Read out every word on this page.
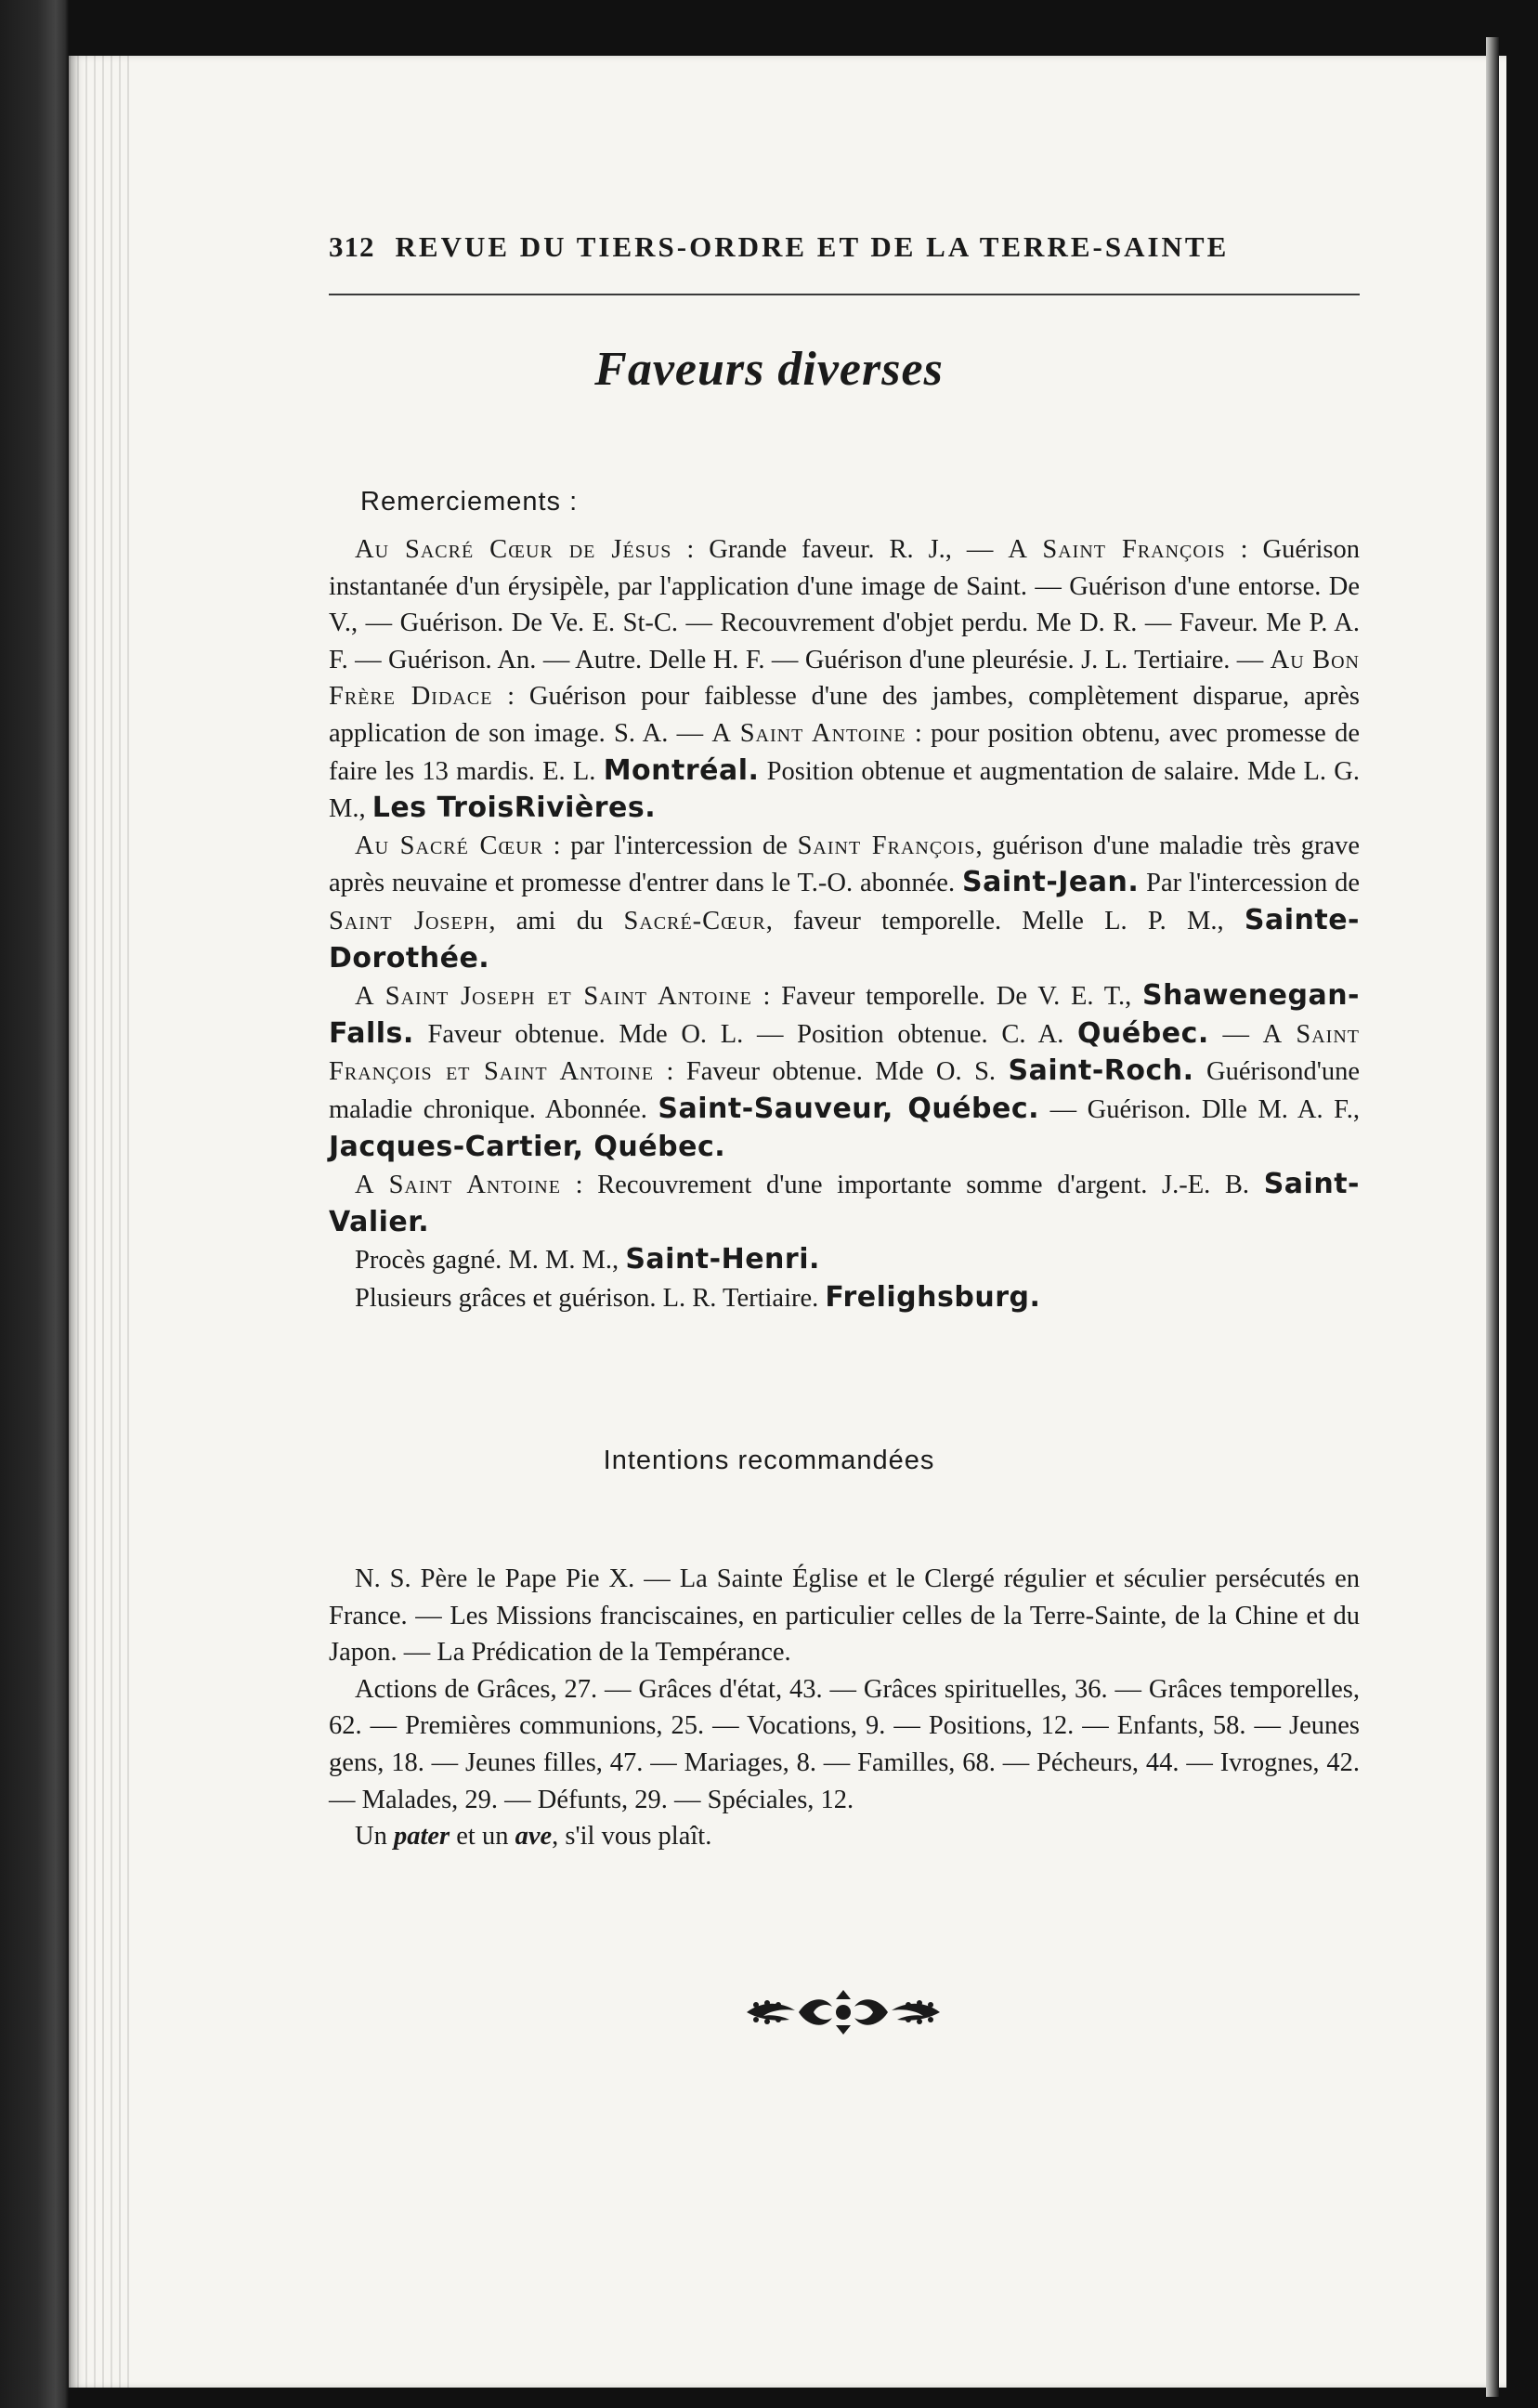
312 REVUE DU TIERS-ORDRE ET DE LA TERRE-SAINTE
Faveurs diverses
Remerciements :

Au Sacré Cœur de Jésus : Grande faveur. R. J., — A Saint François : Guérison instantanée d'un érysipèle, par l'application d'une image de Saint. — Guérison d'une entorse. De V., — Guérison. De Ve. E. St-C. — Recouvrement d'objet perdu. Me D. R. — Faveur. Me P. A. F. — Guérison. An. — Autre. Delle H. F. — Guérison d'une pleurésie. J. L. Tertiaire. — Au Bon Frère Didace : Guérison pour faiblesse d'une des jambes, complètement disparue, après application de son image. S. A. — A Saint Antoine : pour position obtenu, avec promesse de faire les 13 mardis. E. L. Montréal. Position obtenue et augmentation de salaire. Mde L. G. M., Les TroisRivières.

Au Sacré Cœur : par l'intercession de Saint François, guérison d'une maladie très grave après neuvaine et promesse d'entrer dans le T.-O. abonnée. Saint-Jean. Par l'intercession de Saint Joseph, ami du Sacré-Cœur, faveur temporelle. Melle L. P. M., Sainte-Dorothée.

A Saint Joseph et Saint Antoine : Faveur temporelle. De V. E. T., Shawenegan-Falls. Faveur obtenue. Mde O. L. — Position obtenue. C. A. Québec. — A Saint François et Saint Antoine : Faveur obtenue. Mde O. S. Saint-Roch. Guérisond'une maladie chronique. Abonnée. Saint-Sauveur, Québec. — Guérison. Dlle M. A. F., Jacques-Cartier, Québec.

A Saint Antoine : Recouvrement d'une importante somme d'argent. J.-E. B. Saint-Valier.

Procès gagné. M. M. M., Saint-Henri.

Plusieurs grâces et guérison. L. R. Tertiaire. Frelighsburg.

Intentions recommandées

N. S. Père le Pape Pie X. — La Sainte Église et le Clergé régulier et séculier persécutés en France. — Les Missions franciscaines, en particulier celles de la Terre-Sainte, de la Chine et du Japon. — La Prédication de la Tempérance.

Actions de Grâces, 27. — Grâces d'état, 43. — Grâces spirituelles, 36. — Grâces temporelles, 62. — Premières communions, 25. — Vocations, 9. — Positions, 12. — Enfants, 58. — Jeunes gens, 18. — Jeunes filles, 47. — Mariages, 8. — Familles, 68. — Pécheurs, 44. — Ivrognes, 42. — Malades, 29. — Défunts, 29. — Spéciales, 12.

Un pater et un ave, s'il vous plaît.
